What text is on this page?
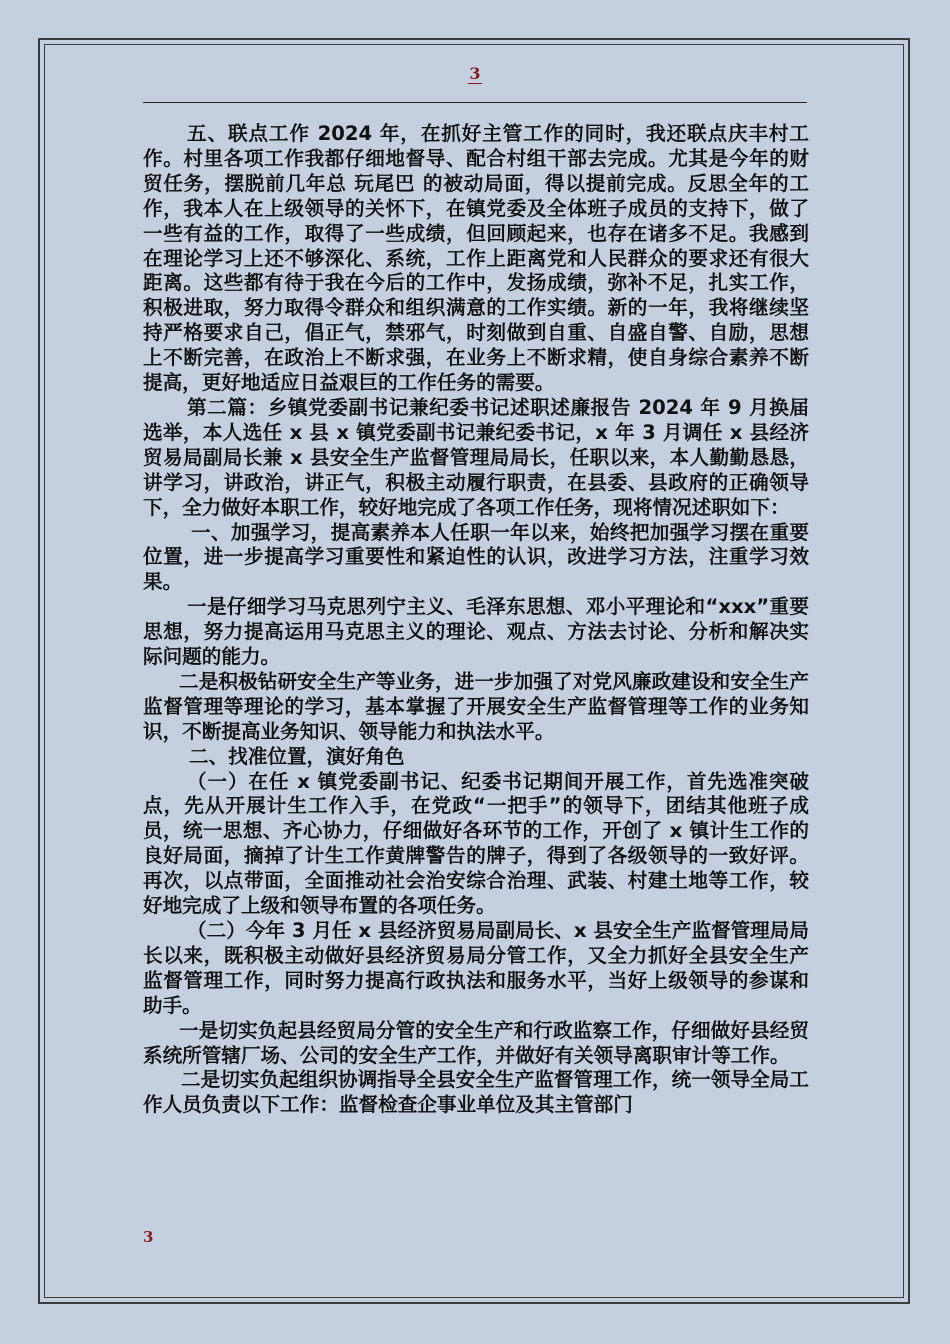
3

五、联点工作 2024 年，在抓好主管工作的同时，我还联点庆丰村工作。村里各项工作我都仔细地督导、配合村组干部去完成。尤其是今年的财贸任务，摆脱前几年总 玩尾巴 的被动局面，得以提前完成。反思全年的工作，我本人在上级领导的关怀下，在镇党委及全体班子成员的支持下，做了一些有益的工作，取得了一些成绩，但回顾起来，也存在诸多不足。我感到在理论学习上还不够深化、系统，工作上距离党和人民群众的要求还有很大距离。这些都有待于我在今后的工作中，发扬成绩，弥补不足，扎实工作，积极进取，努力取得令群众和组织满意的工作实绩。新的一年，我将继续坚持严格要求自己，倡正气，禁邪气，时刻做到自重、自盛自警、自励，思想上不断完善，在政治上不断求强，在业务上不断求精，使自身综合素养不断提高，更好地适应日益艰巨的工作任务的需要。

第二篇：乡镇党委副书记兼纪委书记述职述廉报告 2024 年 9 月换届选举，本人选任 x 县 x 镇党委副书记兼纪委书记，x 年 3 月调任 x 县经济贸易局副局长兼 x 县安全生产监督管理局局长，任职以来，本人勤勤恳恳，讲学习，讲政治，讲正气，积极主动履行职责，在县委、县政府的正确领导下，全力做好本职工作，较好地完成了各项工作任务，现将情况述职如下：

一、加强学习，提高素养本人任职一年以来，始终把加强学习摆在重要位置，进一步提高学习重要性和紧迫性的认识，改进学习方法，注重学习效果。

一是仔细学习马克思列宁主义、毛泽东思想、邓小平理论和“xxx”重要思想，努力提高运用马克思主义的理论、观点、方法去讨论、分析和解决实际问题的能力。

二是积极钻研安全生产等业务，进一步加强了对党风廉政建设和安全生产监督管理等理论的学习，基本掌握了开展安全生产监督管理等工作的业务知识，不断提高业务知识、领导能力和执法水平。

二、找准位置，演好角色

（一）在任 x 镇党委副书记、纪委书记期间开展工作，首先选准突破点，先从开展计生工作入手，在党政“一把手”的领导下，团结其他班子成员，统一思想、齐心协力，仔细做好各环节的工作，开创了 x 镇计生工作的良好局面，摘掉了计生工作黄牌警告的牌子，得到了各级领导的一致好评。再次，以点带面，全面推动社会治安综合治理、武装、村建土地等工作，较好地完成了上级和领导布置的各项任务。

（二）今年 3 月任 x 县经济贸易局副局长、x 县安全生产监督管理局局长以来，既积极主动做好县经济贸易局分管工作，又全力抓好全县安全生产监督管理工作，同时努力提高行政执法和服务水平，当好上级领导的参谋和助手。

一是切实负起县经贸局分管的安全生产和行政监察工作，仔细做好县经贸系统所管辖厂场、公司的安全生产工作，并做好有关领导离职审计等工作。

二是切实负起组织协调指导全县安全生产监督管理工作，统一领导全局工作人员负责以下工作：监督检查企事业单位及其主管部门

3
